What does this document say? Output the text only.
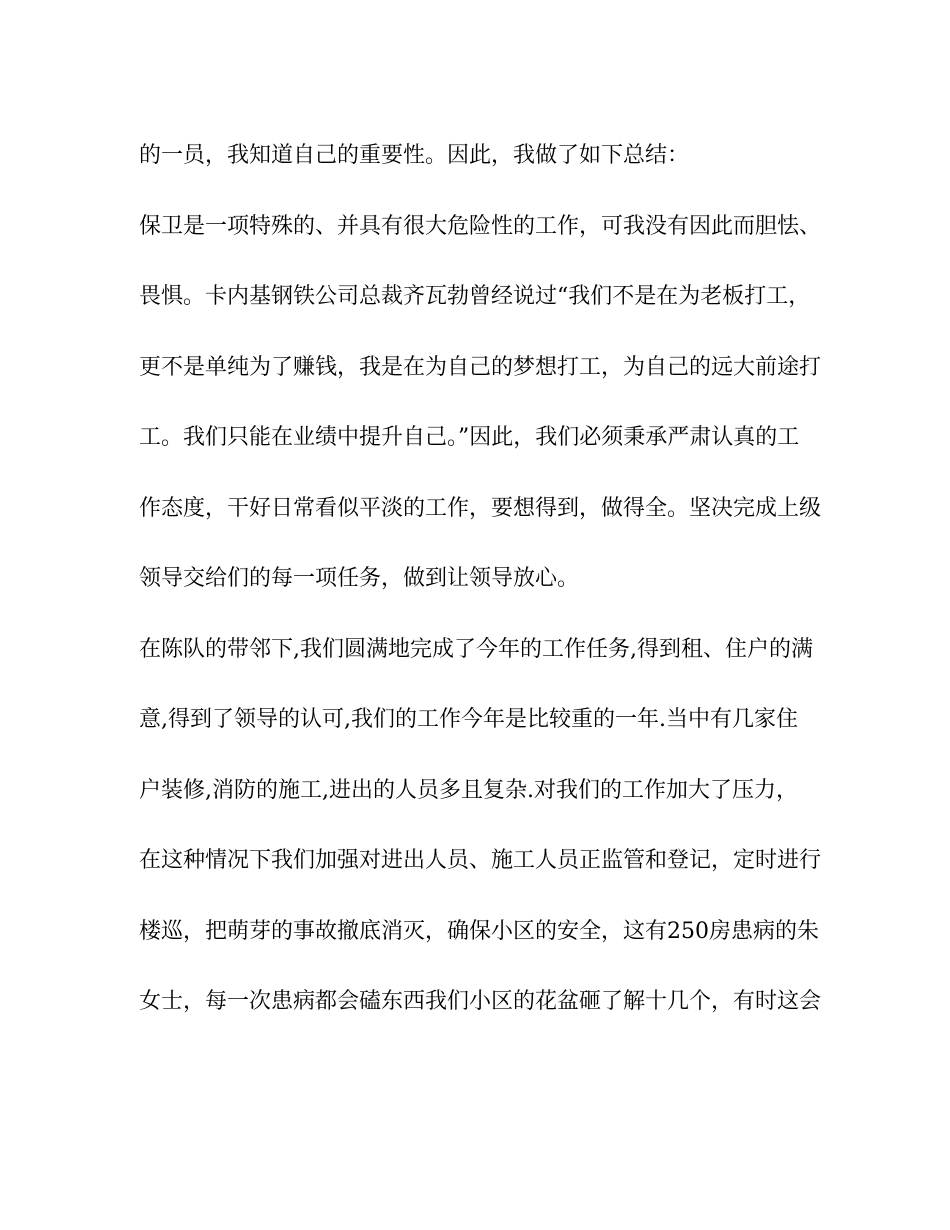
的一员，我知道自己的重要性。因此，我做了如下总结：
保卫是一项特殊的、并具有很大危险性的工作，可我没有因此而胆怯、
畏惧。卡内基钢铁公司总裁齐瓦勃曾经说过“我们不是在为老板打工，
更不是单纯为了赚钱，我是在为自己的梦想打工，为自己的远大前途打
工。我们只能在业绩中提升自己。”因此，我们必须秉承严肃认真的工
作态度，干好日常看似平淡的工作，要想得到，做得全。坚决完成上级
领导交给们的每一项任务，做到让领导放心。
在陈队的带邻下,我们圆满地完成了今年的工作任务,得到租、住户的满
意,得到了领导的认可,我们的工作今年是比较重的一年.当中有几家住
户装修,消防的施工,进出的人员多且复杂.对我们的工作加大了压力，
在这种情况下我们加强对进出人员、施工人员正监管和登记，定时进行
楼巡，把萌芽的事故撤底消灭，确保小区的安全，这有250房患病的朱
女士，每一次患病都会磕东西我们小区的花盆砸了解十几个，有时这会
